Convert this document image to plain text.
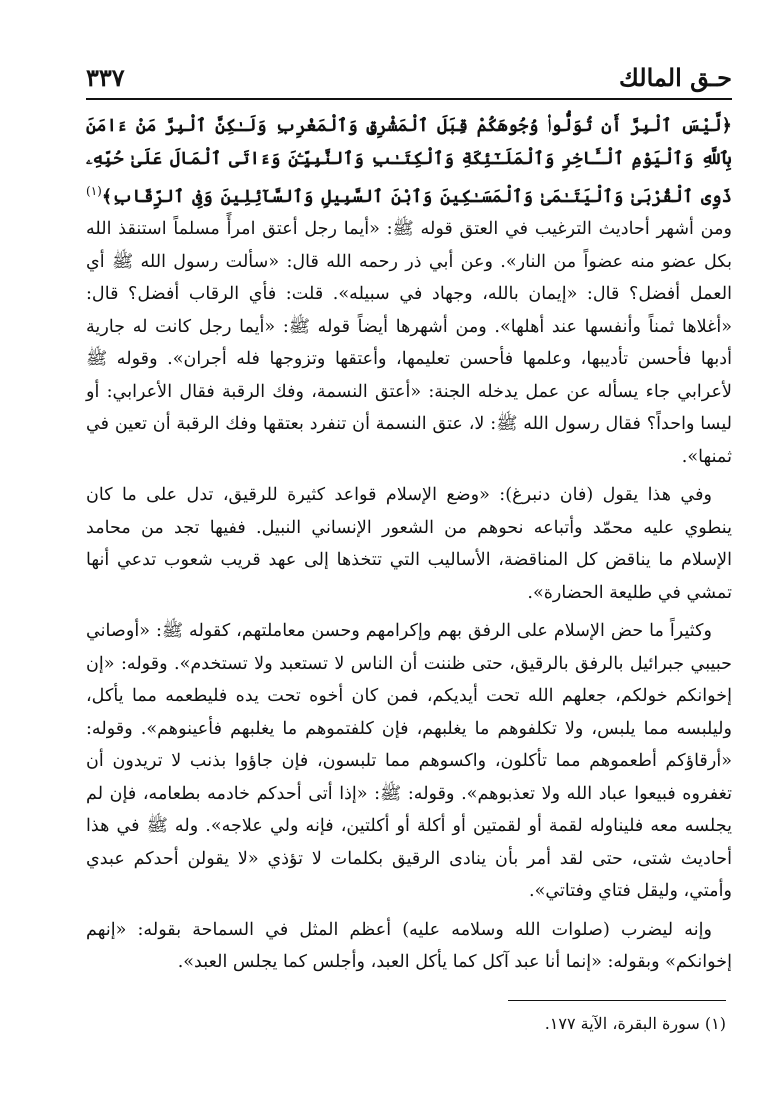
حـق المالك
٣٣٧

﴿لَّيْسَ ٱلْبِرَّ أَن تُوَلُّوا۟ وُجُوهَكُمْ قِبَلَ ٱلْمَشْرِقِ وَٱلْمَغْرِبِ وَلَـٰكِنَّ ٱلْبِرَّ مَنْ ءَامَنَ بِٱللَّهِ وَٱلْيَوْمِ ٱلْـَٔاخِرِ وَٱلْمَلَـٰٓئِكَةِ وَٱلْكِتَـٰبِ وَٱلنَّبِيِّـۧنَ وَءَاتَى ٱلْمَالَ عَلَىٰ حُبِّهِۦ ذَوِى ٱلْقُرْبَىٰ وَٱلْيَتَـٰمَىٰ وَٱلْمَسَـٰكِينَ وَٱبْنَ ٱلسَّبِيلِ وَٱلسَّآئِلِينَ وَفِى ٱلرِّقَابِ﴾$^{(١)}$ ومن أشهر أحاديث الترغيب في العتق قوله ﷺ: «أيما رجل أعتق امرأً مسلماً استنقذ الله بكل عضو منه عضواً من النار». وعن أبي ذر رحمه الله قال: «سألت رسول الله ﷺ أي العمل أفضل؟ قال: «إيمان بالله، وجهاد في سبيله». قلت: فأي الرقاب أفضل؟ قال: «أغلاها ثمناً وأنفسها عند أهلها». ومن أشهرها أيضاً قوله ﷺ: «أيما رجل كانت له جارية أدبها فأحسن تأديبها، وعلمها فأحسن تعليمها، وأعتقها وتزوجها فله أجران». وقوله ﷺ لأعرابي جاء يسأله عن عمل يدخله الجنة: «أعتق النسمة، وفك الرقبة فقال الأعرابي: أو ليسا واحداً؟ فقال رسول الله ﷺ: لا، عتق النسمة أن تنفرد بعتقها وفك الرقبة أن تعين في ثمنها».

وفي هذا يقول (فان دنبرغ): «وضع الإسلام قواعد كثيرة للرقيق، تدل على ما كان ينطوي عليه محمّد وأتباعه نحوهم من الشعور الإنساني النبيل. ففيها تجد من محامد الإسلام ما يناقض كل المناقضة، الأساليب التي تتخذها إلى عهد قريب شعوب تدعي أنها تمشي في طليعة الحضارة».

وكثيراً ما حض الإسلام على الرفق بهم وإكرامهم وحسن معاملتهم، كقوله ﷺ: «أوصاني حبيبي جبرائيل بالرفق بالرقيق، حتى ظننت أن الناس لا تستعبد ولا تستخدم». وقوله: «إن إخوانكم خولكم، جعلهم الله تحت أيديكم، فمن كان أخوه تحت يده فليطعمه مما يأكل، وليلبسه مما يلبس، ولا تكلفوهم ما يغلبهم، فإن كلفتموهم ما يغلبهم فأعينوهم». وقوله: «أرقاؤكم أطعموهم مما تأكلون، واكسوهم مما تلبسون، فإن جاؤوا بذنب لا تريدون أن تغفروه فبيعوا عباد الله ولا تعذبوهم». وقوله: ﷺ: «إذا أتى أحدكم خادمه بطعامه، فإن لم يجلسه معه فليناوله لقمة أو لقمتين أو أكلة أو أكلتين، فإنه ولي علاجه». وله ﷺ في هذا أحاديث شتى، حتى لقد أمر بأن ينادى الرقيق بكلمات لا تؤذي «لا يقولن أحدكم عبدي وأمتي، وليقل فتاي وفتاتي».

وإنه ليضرب (صلوات الله وسلامه عليه) أعظم المثل في السماحة بقوله: «إنهم إخوانكم» وبقوله: «إنما أنا عبد آكل كما يأكل العبد، وأجلس كما يجلس العبد».

(١) سورة البقرة، الآية ١٧٧.
